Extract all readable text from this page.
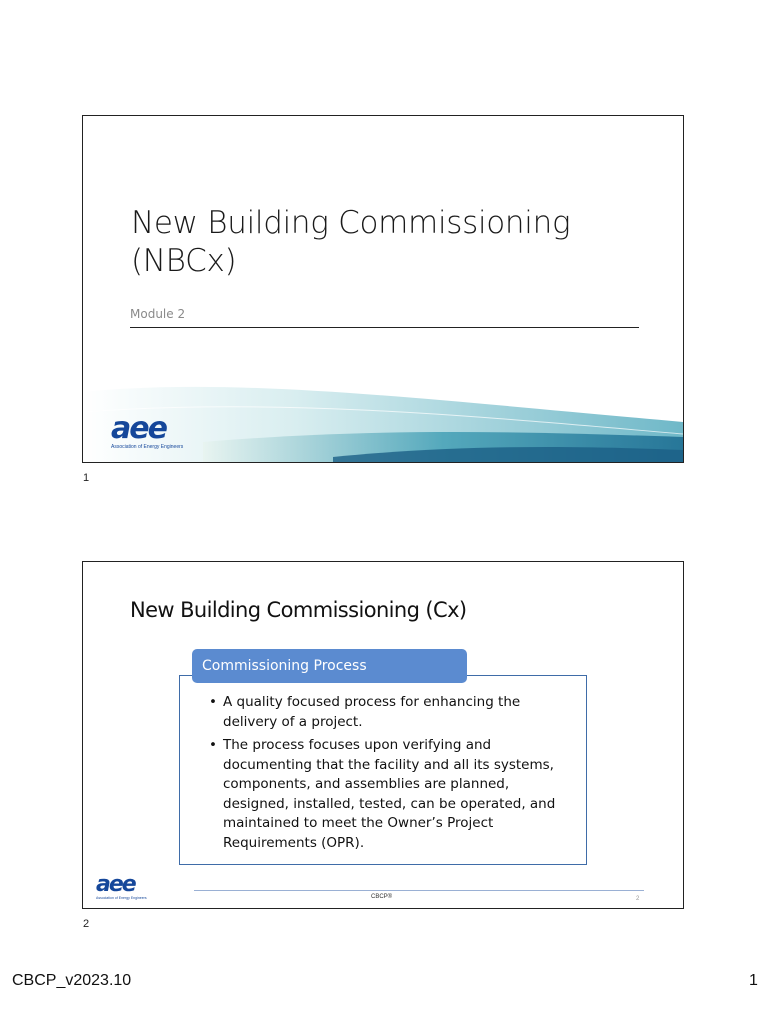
New Building Commissioning
(NBCx)
Module 2
aee
Association of Energy Engineers
1
New Building Commissioning (Cx)
Commissioning Process
• A quality focused process for enhancing the delivery of a project.
• The process focuses upon verifying and documenting that the facility and all its systems, components, and assemblies are planned, designed, installed, tested, can be operated, and maintained to meet the Owner’s Project Requirements (OPR).
aee
Association of Energy Engineers	CBCP®	2
2
CBCP_v2023.10	1
